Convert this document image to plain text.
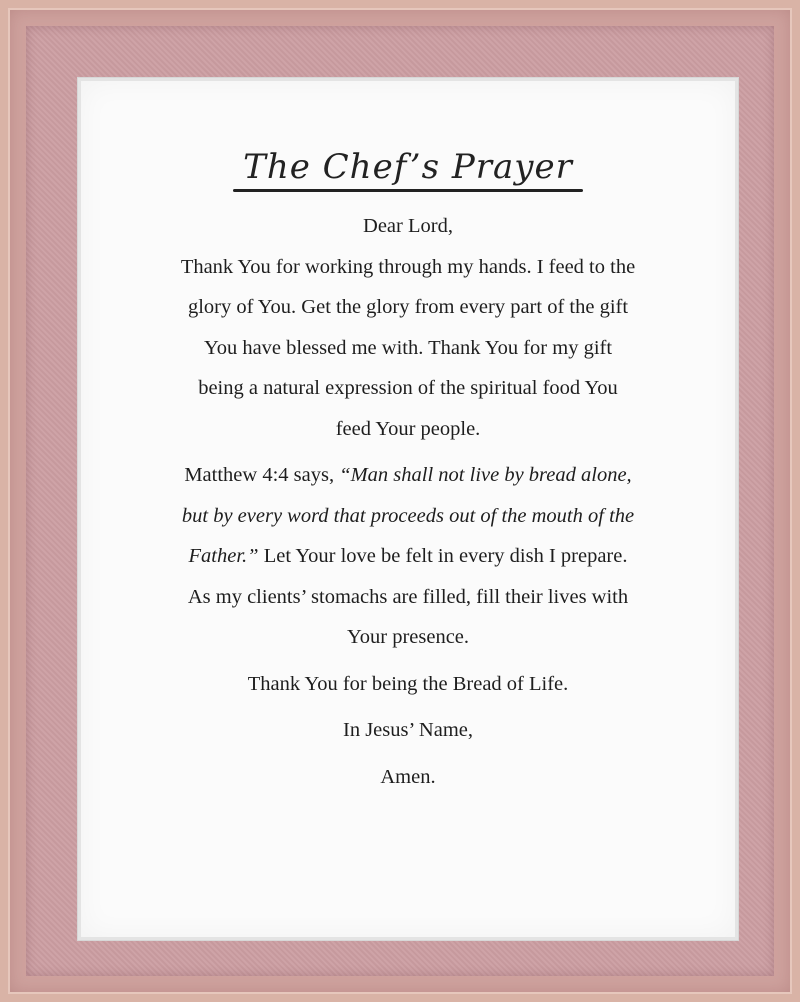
The Chef’s Prayer
Dear Lord,
Thank You for working through my hands. I feed to the
glory of You. Get the glory from every part of the gift
You have blessed me with. Thank You for my gift
being a natural expression of the spiritual food You
feed Your people.
Matthew 4:4 says, “Man shall not live by bread alone,
but by every word that proceeds out of the mouth of the
Father.” Let Your love be felt in every dish I prepare.
As my clients’ stomachs are filled, fill their lives with
Your presence.
Thank You for being the Bread of Life.
In Jesus’ Name,
Amen.
